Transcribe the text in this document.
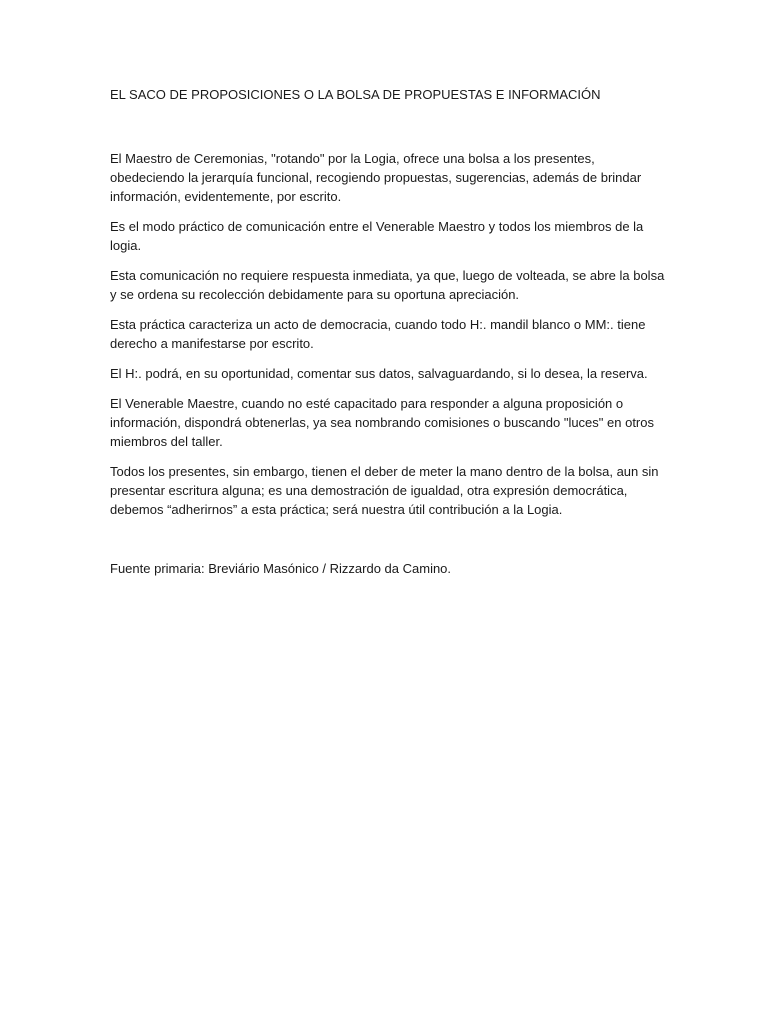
EL SACO DE PROPOSICIONES O LA BOLSA DE PROPUESTAS E INFORMACIÓN

El Maestro de Ceremonias, "rotando" por la Logia, ofrece una bolsa a los presentes, obedeciendo la jerarquía funcional, recogiendo propuestas, sugerencias, además de brindar información, evidentemente, por escrito.

Es el modo práctico de comunicación entre el Venerable Maestro y todos los miembros de la logia.

Esta comunicación no requiere respuesta inmediata, ya que, luego de volteada, se abre la bolsa y se ordena su recolección debidamente para su oportuna apreciación.

Esta práctica caracteriza un acto de democracia, cuando todo H:. mandil blanco o MM:. tiene derecho a manifestarse por escrito.

El H:. podrá, en su oportunidad, comentar sus datos, salvaguardando, si lo desea, la reserva.

El Venerable Maestre, cuando no esté capacitado para responder a alguna proposición o información, dispondrá obtenerlas, ya sea nombrando comisiones o buscando "luces" en otros miembros del taller.

Todos los presentes, sin embargo, tienen el deber de meter la mano dentro de la bolsa, aun sin presentar escritura alguna; es una demostración de igualdad, otra expresión democrática, debemos “adherirnos” a esta práctica; será nuestra útil contribución a la Logia.

Fuente primaria: Breviário Masónico / Rizzardo da Camino.
